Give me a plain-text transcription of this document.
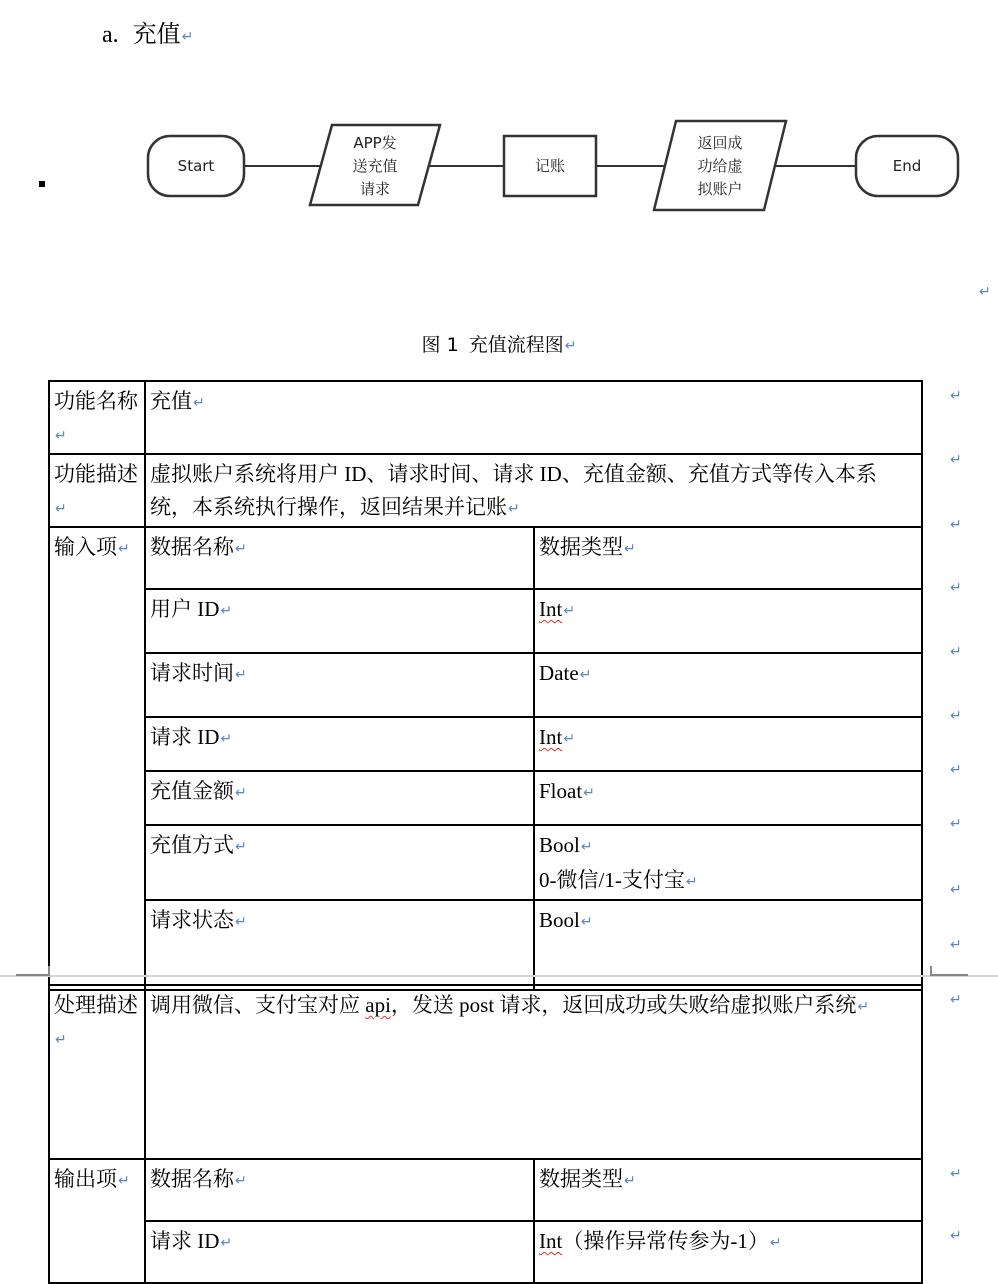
a. 充值↵
Start
APP发
送充值
请求
记账
返回成
功给虚
拟账户
End
↵
图 1 充值流程图↵
功能名称↵	充值↵	
功能描述↵	虚拟账户系统将用户 ID、请求时间、请求 ID、充值金额、充值方式等传入本系统，本系统执行操作，返回结果并记账↵	
输入项↵	数据名称↵	数据类型↵
	用户 ID↵	Int↵
	请求时间↵	Date↵
	请求 ID↵	Int↵
	充值金额↵	Float↵
	充值方式↵	Bool↵
0-微信/1-支付宝↵
	请求状态↵	Bool↵
处理描述↵	调用微信、支付宝对应 api，发送 post 请求，返回成功或失败给虚拟账户系统↵	
输出项↵	数据名称↵	数据类型↵
	请求 ID↵	Int（操作异常传参为-1）↵
↵
↵
↵
↵
↵
↵
↵
↵
↵
↵
↵
↵
↵
